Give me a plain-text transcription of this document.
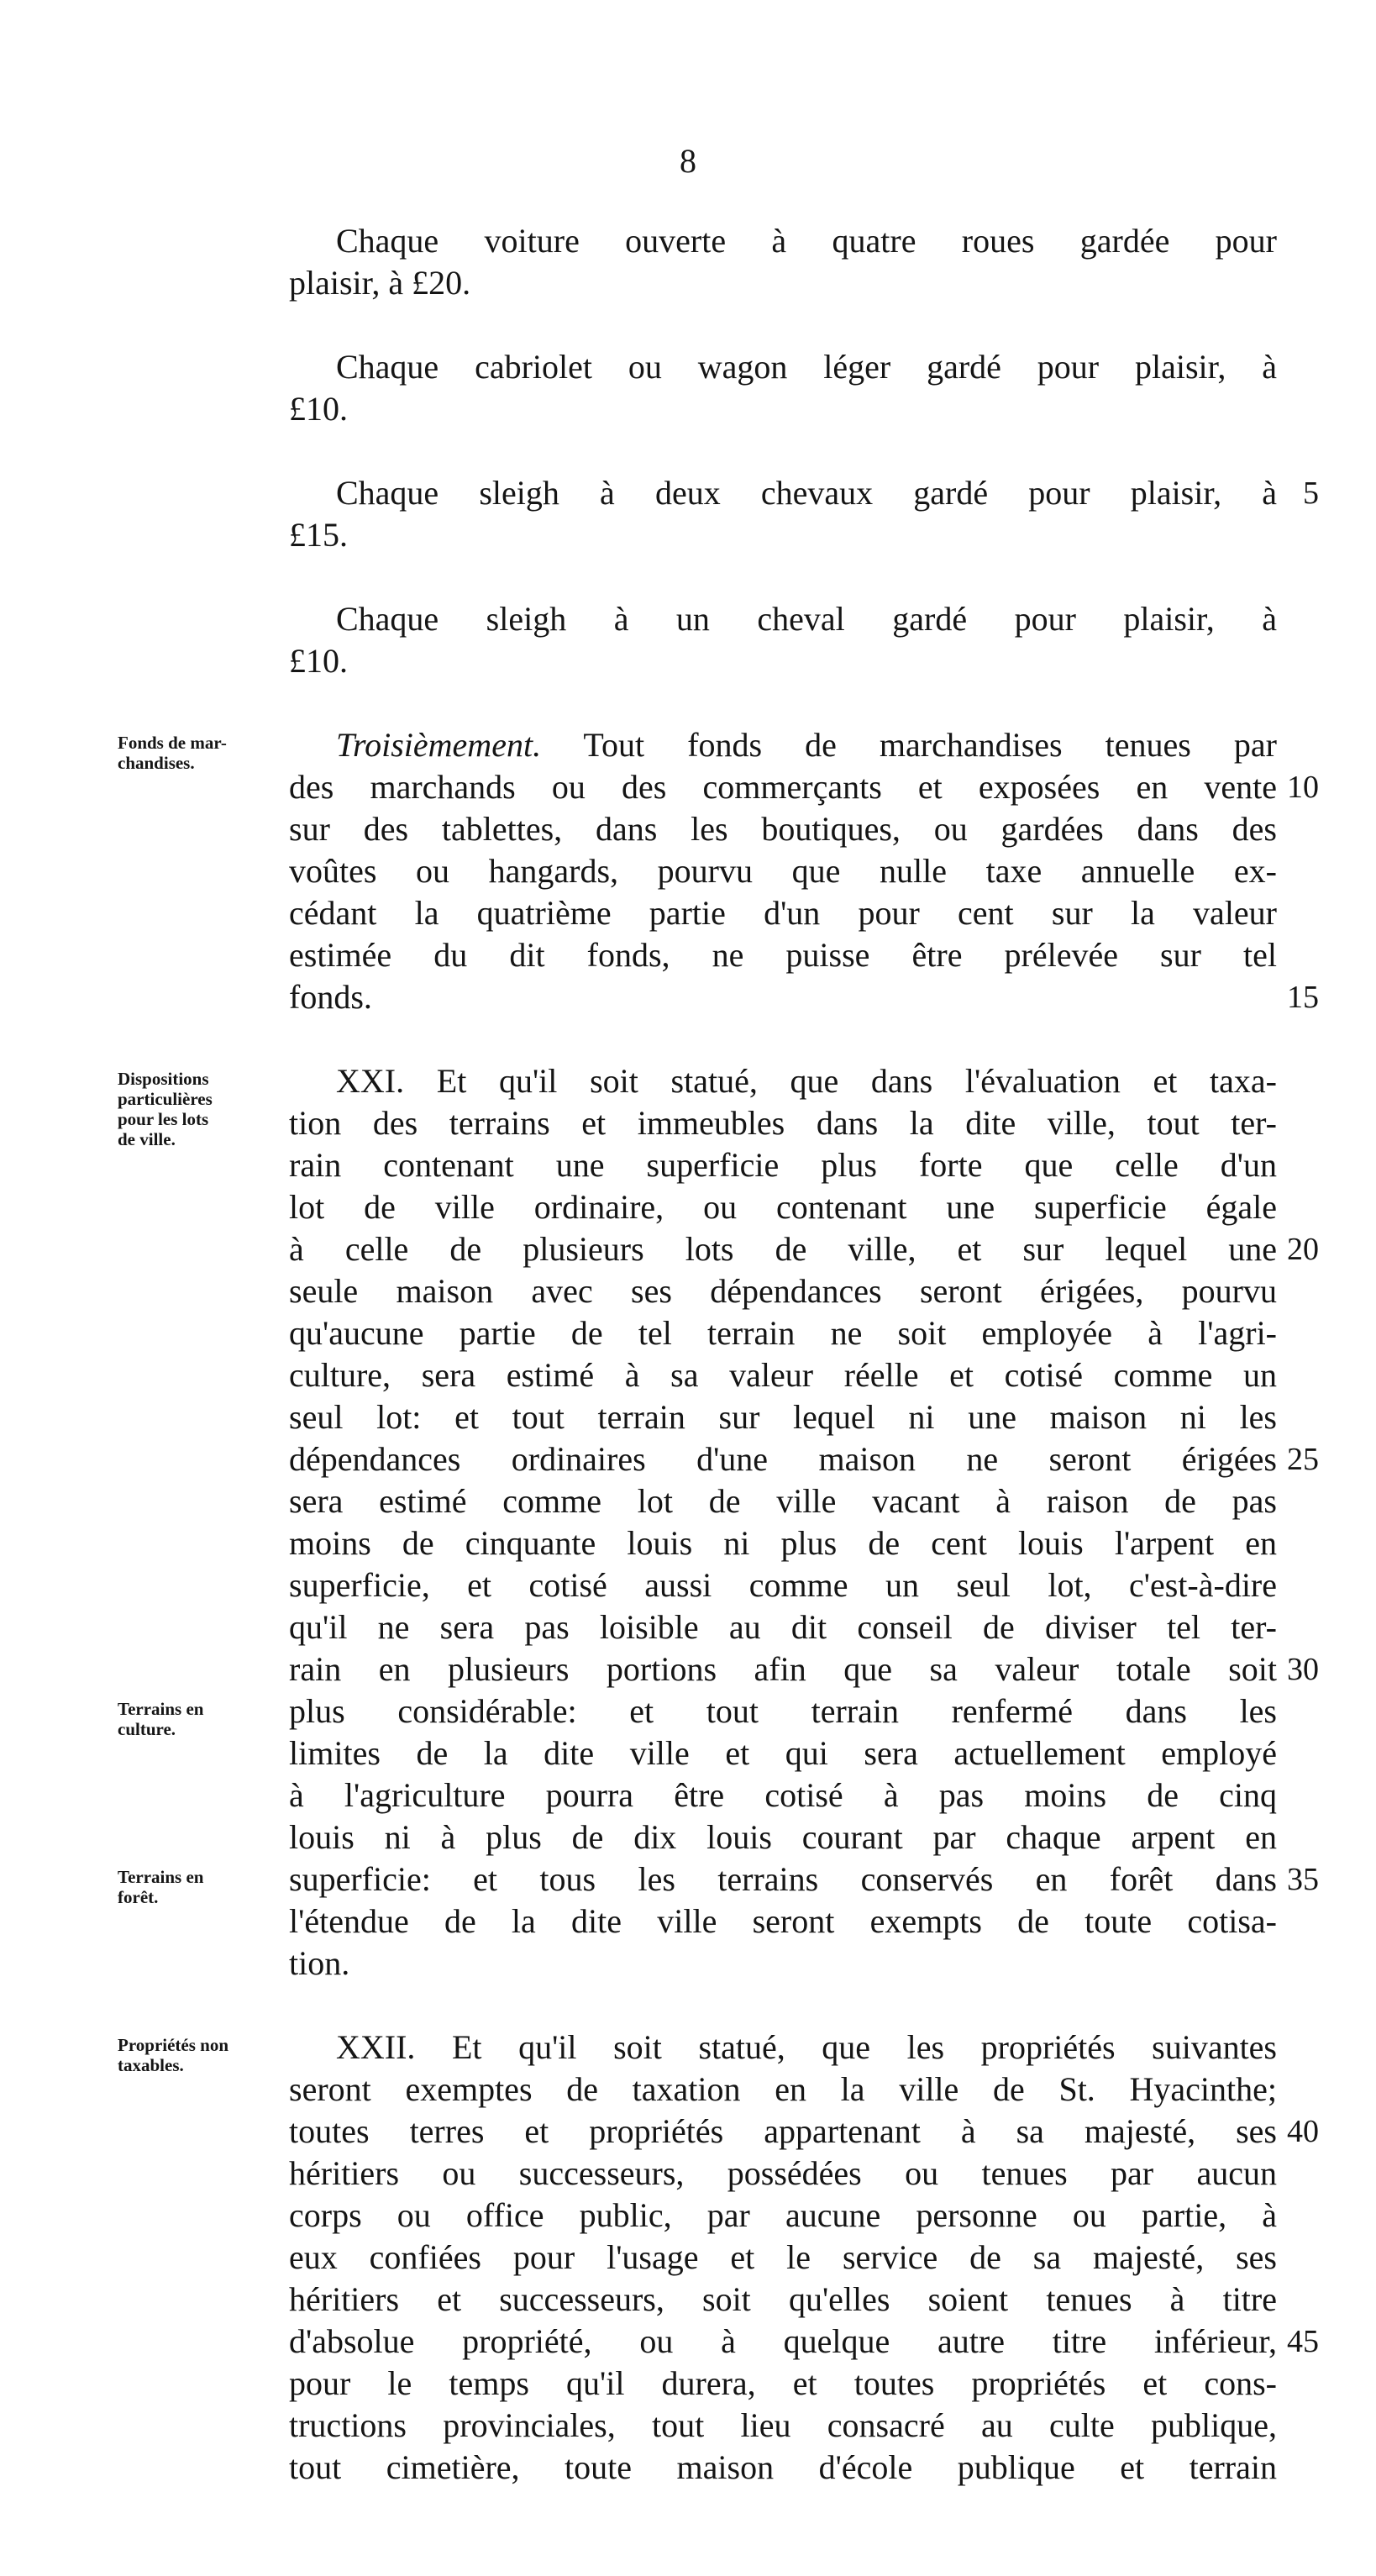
8
Chaque voiture ouverte à quatre roues gardée pour
plaisir, à £20.
Chaque cabriolet ou wagon léger gardé pour plaisir, à
£10.
Chaque sleigh à deux chevaux gardé pour plaisir, à
£15.
Chaque sleigh à un cheval gardé pour plaisir, à
£10.
Troisièmement. Tout fonds de marchandises tenues par
des marchands ou des commerçants et exposées en vente
sur des tablettes, dans les boutiques, ou gardées dans des
voûtes ou hangards, pourvu que nulle taxe annuelle ex-
cédant la quatrième partie d'un pour cent sur la valeur
estimée du dit fonds, ne puisse être prélevée sur tel
fonds.
XXI. Et qu'il soit statué, que dans l'évaluation et taxa-
tion des terrains et immeubles dans la dite ville, tout ter-
rain contenant une superficie plus forte que celle d'un
lot de ville ordinaire, ou contenant une superficie égale
à celle de plusieurs lots de ville, et sur lequel une
seule maison avec ses dépendances seront érigées, pourvu
qu'aucune partie de tel terrain ne soit employée à l'agri-
culture, sera estimé à sa valeur réelle et cotisé comme un
seul lot: et tout terrain sur lequel ni une maison ni les
dépendances ordinaires d'une maison ne seront érigées
sera estimé comme lot de ville vacant à raison de pas
moins de cinquante louis ni plus de cent louis l'arpent en
superficie, et cotisé aussi comme un seul lot, c'est-à-dire
qu'il ne sera pas loisible au dit conseil de diviser tel ter-
rain en plusieurs portions afin que sa valeur totale soit
plus considérable: et tout terrain renfermé dans les
limites de la dite ville et qui sera actuellement employé
à l'agriculture pourra être cotisé à pas moins de cinq
louis ni à plus de dix louis courant par chaque arpent en
superficie: et tous les terrains conservés en forêt dans
l'étendue de la dite ville seront exempts de toute cotisa-
tion.
XXII. Et qu'il soit statué, que les propriétés suivantes
seront exemptes de taxation en la ville de St. Hyacinthe;
toutes terres et propriétés appartenant à sa majesté, ses
héritiers ou successeurs, possédées ou tenues par aucun
corps ou office public, par aucune personne ou partie, à
eux confiées pour l'usage et le service de sa majesté, ses
héritiers et successeurs, soit qu'elles soient tenues à titre
d'absolue propriété, ou à quelque autre titre inférieur,
pour le temps qu'il durera, et toutes propriétés et cons-
tructions provinciales, tout lieu consacré au culte publique,
tout cimetière, toute maison d'école publique et terrain
Fonds de mar-
chandises.
Dispositions
particulières
pour les lots
de ville.
Terrains en
culture.
Terrains en
forêt.
Propriétés non
taxables.
5
10
15
20
25
30
35
40
45
